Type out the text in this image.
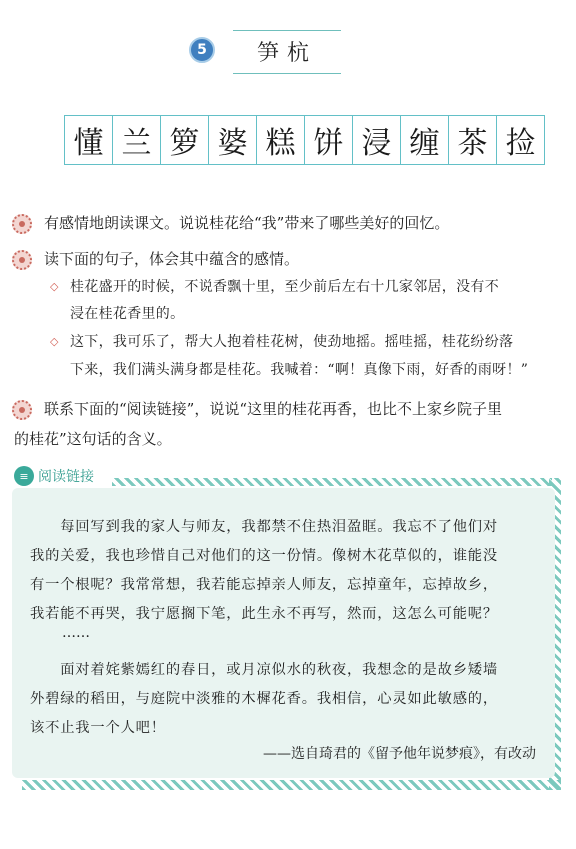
5	笋杭
懂 兰 箩 婆 糕 饼 浸 缠 茶 捡
有感情地朗读课文。说说桂花给“我”带来了哪些美好的回忆。
读下面的句子，体会其中蕴含的感情。
◇ 桂花盛开的时候，不说香飘十里，至少前后左右十几家邻居，没有不
浸在桂花香里的。
◇ 这下，我可乐了，帮大人抱着桂花树，使劲地摇。摇哇摇，桂花纷纷落
下来，我们满头满身都是桂花。我喊着：“啊！真像下雨，好香的雨呀！”
联系下面的“阅读链接”，说说“这里的桂花再香，也比不上家乡院子里
的桂花”这句话的含义。
≡ 阅读链接
　　每回写到我的家人与师友，我都禁不住热泪盈眶。我忘不了他们对
我的关爱，我也珍惜自己对他们的这一份情。像树木花草似的，谁能没
有一个根呢？我常常想，我若能忘掉亲人师友，忘掉童年，忘掉故乡，
我若能不再哭，我宁愿搁下笔，此生永不再写，然而，这怎么可能呢？
……
　　面对着姹紫嫣红的春日，或月凉似水的秋夜，我想念的是故乡矮墙
外碧绿的稻田，与庭院中淡雅的木樨花香。我相信，心灵如此敏感的，
该不止我一个人吧！
——选自琦君的《留予他年说梦痕》，有改动
